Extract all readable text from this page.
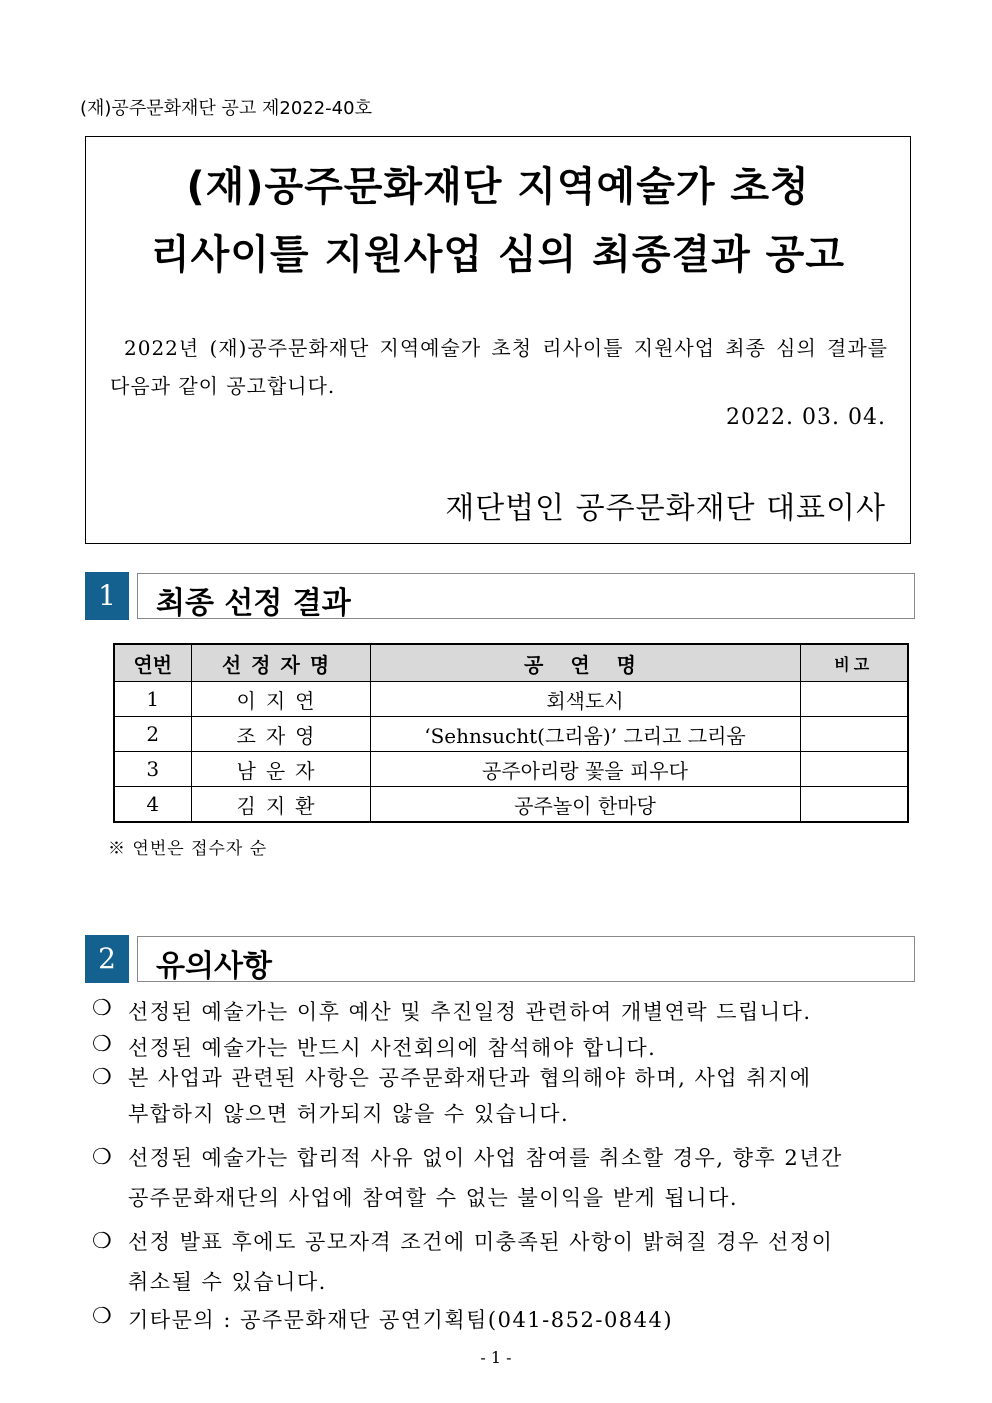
(재)공주문화재단 공고 제2022-40호
(재)공주문화재단 지역예술가 초청
리사이틀 지원사업 심의 최종결과 공고
2022년 (재)공주문화재단 지역예술가 초청 리사이틀 지원사업 최종 심의 결과를 다음과 같이 공고합니다.
2022. 03. 04.
재단법인 공주문화재단 대표이사
1	최종 선정 결과
연번	선정자명	공 연 명	비고
1	이지연	회색도시	
2	조자영	‘Sehnsucht(그리움)’ 그리고 그리움	
3	남운자	공주아리랑 꽃을 피우다	
4	김지환	공주놀이 한마당	
※ 연번은 접수자 순
2	유의사항
❍ 선정된 예술가는 이후 예산 및 추진일정 관련하여 개별연락 드립니다.
❍ 선정된 예술가는 반드시 사전회의에 참석해야 합니다.
❍ 본 사업과 관련된 사항은 공주문화재단과 협의해야 하며, 사업 취지에
부합하지 않으면 허가되지 않을 수 있습니다.
❍ 선정된 예술가는 합리적 사유 없이 사업 참여를 취소할 경우, 향후 2년간
공주문화재단의 사업에 참여할 수 없는 불이익을 받게 됩니다.
❍ 선정 발표 후에도 공모자격 조건에 미충족된 사항이 밝혀질 경우 선정이
취소될 수 있습니다.
❍ 기타문의 : 공주문화재단 공연기획팀(041-852-0844)
- 1 -
